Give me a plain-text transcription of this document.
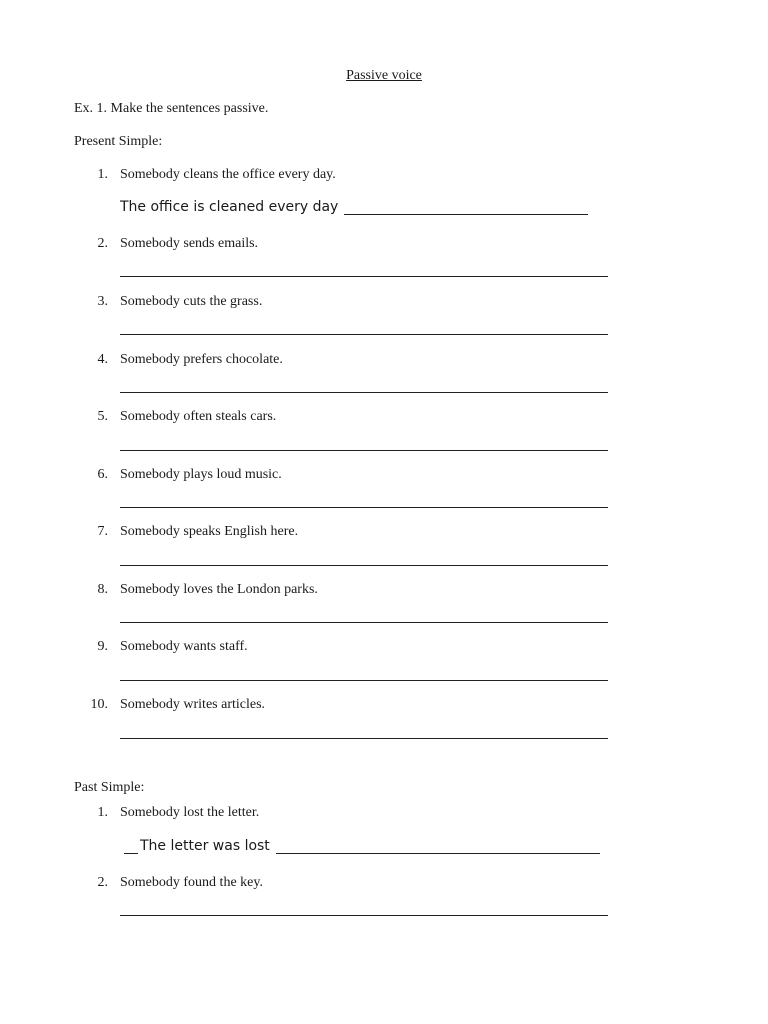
Passive voice
Ex. 1. Make the sentences passive.
Present Simple:
1. Somebody cleans the office every day.
The office is cleaned every day
2. Somebody sends emails.
3. Somebody cuts the grass.
4. Somebody prefers chocolate.
5. Somebody often steals cars.
6. Somebody plays loud music.
7. Somebody speaks English here.
8. Somebody loves the London parks.
9. Somebody wants staff.
10. Somebody writes articles.
Past Simple:
1. Somebody lost the letter.
The letter was lost
2. Somebody found the key.
